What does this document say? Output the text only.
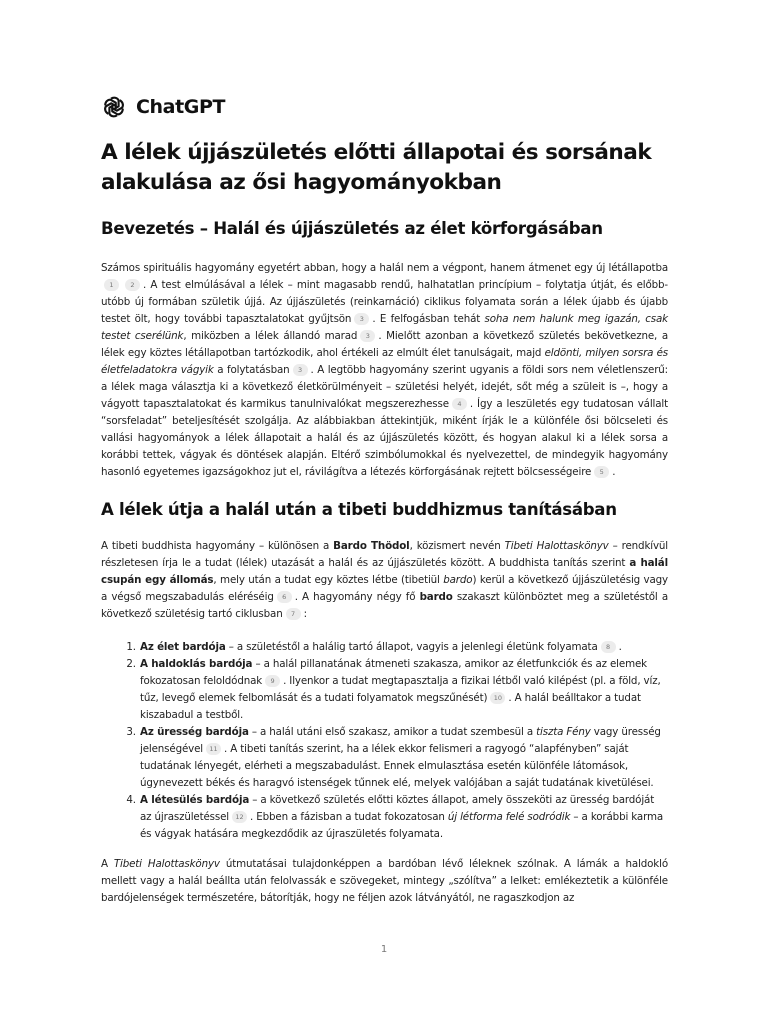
ChatGPT
A lélek újjászületés előtti állapotai és sorsának alakulása az ősi hagyományokban
Bevezetés – Halál és újjászületés az élet körforgásában

Számos spirituális hagyomány egyetért abban, hogy a halál nem a végpont, hanem átmenet egy új létállapotba1	2 . A test elmúlásával a lélek – mint magasabb rendű, halhatatlan princípium – folytatja útját, és előbb-utóbb új formában születik újjá. Az újjászületés (reinkarnáció) ciklikus folyamata során a lélek újabb és újabb testet ölt, hogy további tapasztalatokat gyűjtsön 3 . E felfogásban tehát soha nem halunk meg igazán, csak testet cserélünk, miközben a lélek állandó marad 3 . Mielőtt azonban a következő születés bekövetkezne, a lélek egy köztes létállapotban tartózkodik, ahol értékeli az elmúlt élet tanulságait, majd eldönti, milyen sorsra és életfeladatokra vágyik a folytatásban 3 . A legtöbb hagyomány szerint ugyanis a földi sors nem véletlenszerű: a lélek maga választja ki a következő életkörülményeit – születési helyét, idejét, sőt még a szüleit is –, hogy a vágyott tapasztalatokat és karmikus tanulnivalókat megszerezhesse 4 . Így a leszületés egy tudatosan vállalt “sorsfeladat” beteljesítését szolgálja. Az alábbiakban áttekintjük, miként írják le a különféle ősi bölcseleti és vallási hagyományok a lélek állapotait a halál és az újjászületés között, és hogyan alakul ki a lélek sorsa a korábbi tettek, vágyak és döntések alapján. Eltérő szimbólumokkal és nyelvezettel, de mindegyik hagyomány hasonló egyetemes igazságokhoz jut el, rávilágítva a létezés körforgásának rejtett bölcsességeire 5 .

A lélek útja a halál után a tibeti buddhizmus tanításában

A tibeti buddhista hagyomány – különösen a Bardo Thödol, közismert nevén Tibeti Halottaskönyv – rendkívül részletesen írja le a tudat (lélek) utazását a halál és az újjászületés között. A buddhista tanítás szerint a halál csupán egy állomás, mely után a tudat egy köztes létbe (tibetiül bardo) kerül a következő újjászületésig vagy a végső megszabadulás eléréséig 6 . A hagyomány négy fő bardo szakaszt különböztet meg a születéstől a következő születésig tartó ciklusban 7 :

1. Az élet bardója – a születéstől a halálig tartó állapot, vagyis a jelenlegi életünk folyamata 8 .
2. A haldoklás bardója – a halál pillanatának átmeneti szakasza, amikor az életfunkciók és az elemek fokozatosan feloldódnak 9 . Ilyenkor a tudat megtapasztalja a fizikai létből való kilépést (pl. a föld, víz, tűz, levegő elemek felbomlását és a tudati folyamatok megszűnését) 10 . A halál beálltakor a tudat kiszabadul a testből.
3. Az üresség bardója – a halál utáni első szakasz, amikor a tudat szembesül a tiszta Fény vagy üresség jelenségével 11 . A tibeti tanítás szerint, ha a lélek ekkor felismeri a ragyogó “alapfényben” saját tudatának lényegét, elérheti a megszabadulást. Ennek elmulasztása esetén különféle látomások, úgynevezett békés és haragvó istenségek tűnnek elé, melyek valójában a saját tudatának kivetülései.
4. A létesülés bardója – a következő születés előtti köztes állapot, amely összeköti az üresség bardóját az újraszületéssel 12 . Ebben a fázisban a tudat fokozatosan új létforma felé sodródik – a korábbi karma és vágyak hatására megkezdődik az újraszületés folyamata.

A Tibeti Halottaskönyv útmutatásai tulajdonképpen a bardóban lévő léleknek szólnak. A lámák a haldokló mellett vagy a halál beállta után felolvassák e szövegeket, mintegy „szólítva” a lelket: emlékeztetik a különféle bardójelenségek természetére, bátorítják, hogy ne féljen azok látványától, ne ragaszkodjon az

1
